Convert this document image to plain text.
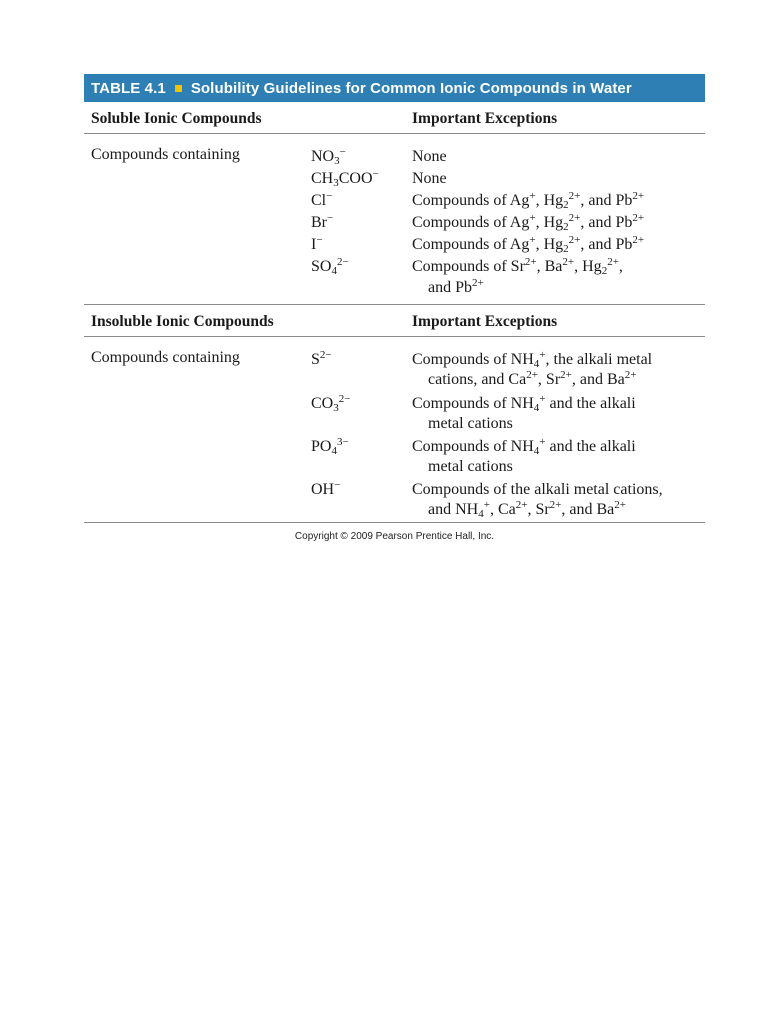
TABLE 4.1 Solubility Guidelines for Common Ionic Compounds in Water
Soluble Ionic Compounds	Important Exceptions
Compounds containing	$NO_3^-$	None
$CH_3COO^-$ None
Cl−	Compounds of Ag+, $Hg_2^{2+}$, and $Pb^{2+}$
Br−	Compounds of Ag+, $Hg_2^{2+}$, and $Pb^{2+}$
I−	Compounds of Ag+, $Hg_2^{2+}$, and $Pb^{2+}$
$SO_4^{2-}$	Compounds of $Sr^{2+}$, $Ba^{2+}$, $Hg_2^{2+}$,
and $Pb^{2+}$
Insoluble Ionic Compounds	Important Exceptions
Compounds containing	$S^{2-}$	Compounds of $NH_4^+$, the alkali metal
cations, and $Ca^{2+}$, $Sr^{2+}$, and $Ba^{2+}$
$CO_3^{2-}$	Compounds of $NH_4^+$ and the alkali
metal cations
$PO_4^{3-}$	Compounds of $NH_4^+$ and the alkali
metal cations
OH−	Compounds of the alkali metal cations,
and $NH_4^+$, $Ca^{2+}$, $Sr^{2+}$, and $Ba^{2+}$
Copyright © 2009 Pearson Prentice Hall, Inc.
